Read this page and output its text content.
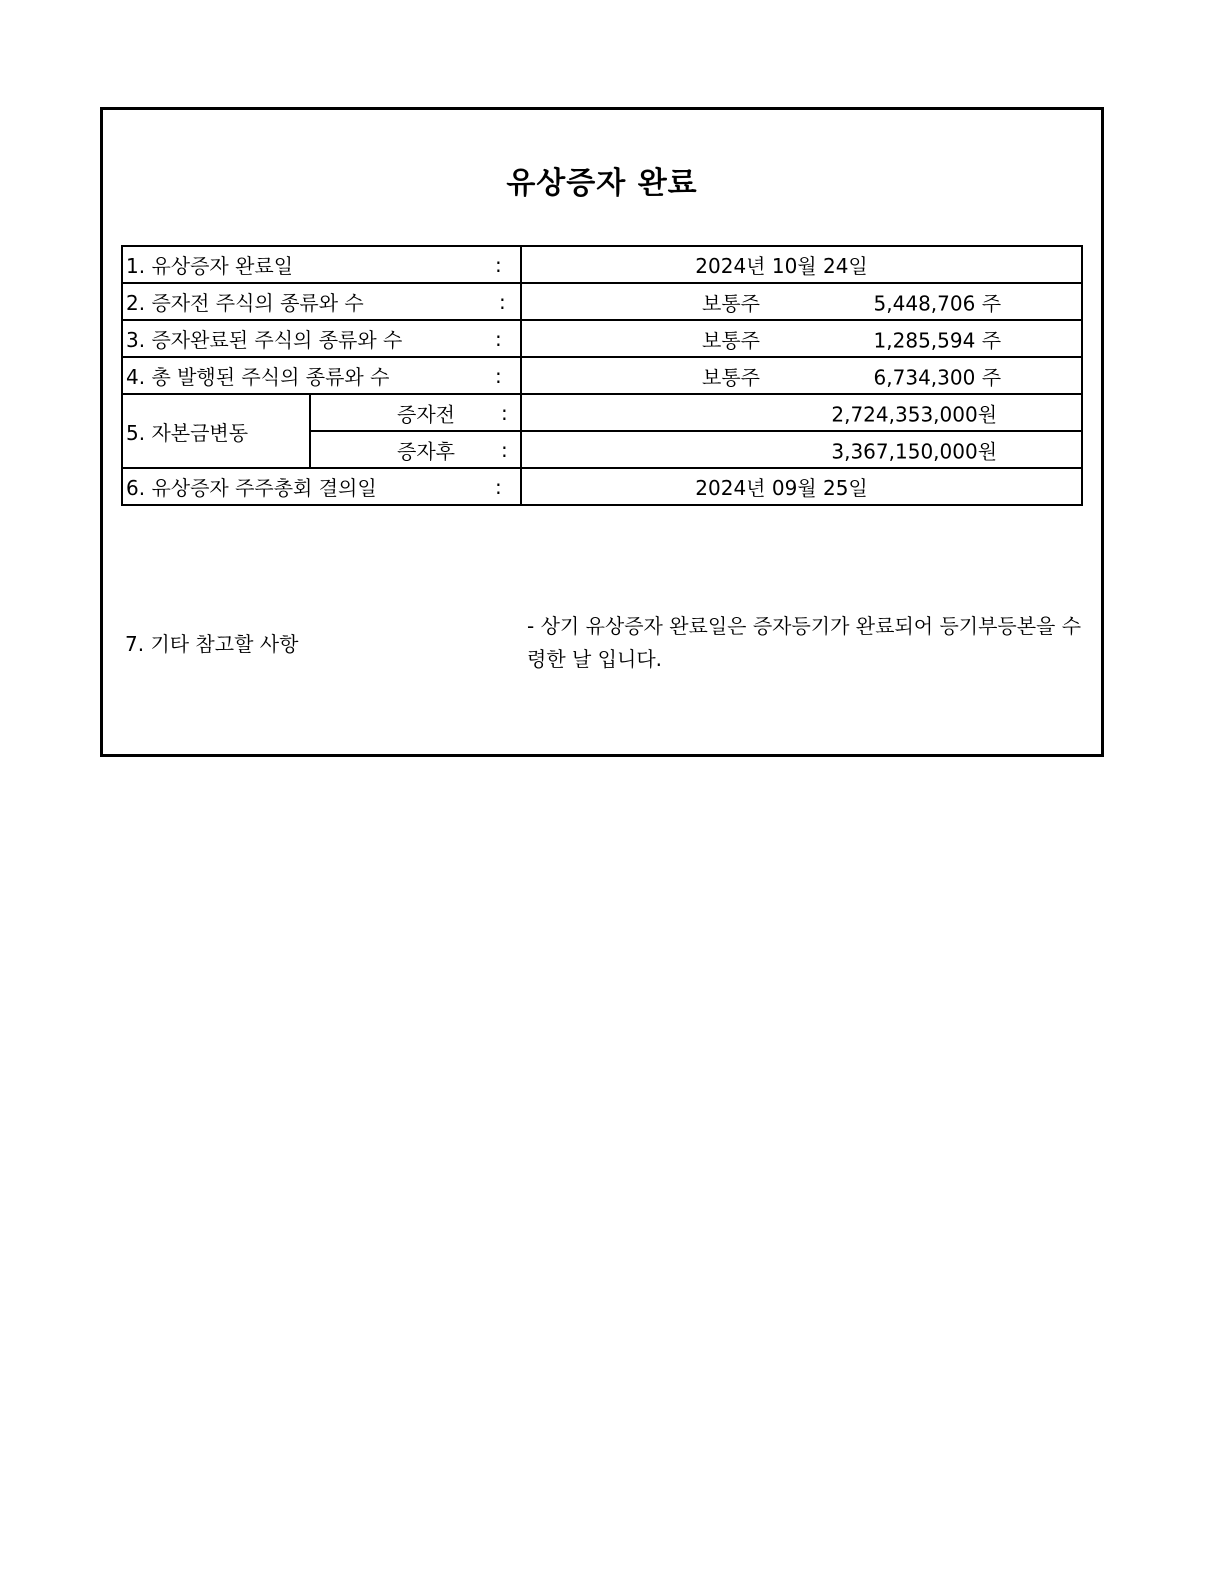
유상증자 완료
1. 유상증자 완료일 :		2024년 10월 24일
2. 증자전 주식의 종류와 수 :		보통주 5,448,706 주

3. 증자완료된 주식의 종류와 수 :		보통주 1,285,594 주

4. 총 발행된 주식의 종류와 수 :		보통주 6,734,300 주

5. 자본금변동	증자전 :	2,724,353,000원

	증자후 :	3,367,150,000원

6. 유상증자 주주총회 결의일 :		2024년 09월 25일
7. 기타 참고할 사항
- 상기 유상증자 완료일은 증자등기가 완료되어 등기부등본을 수령한 날 입니다.
